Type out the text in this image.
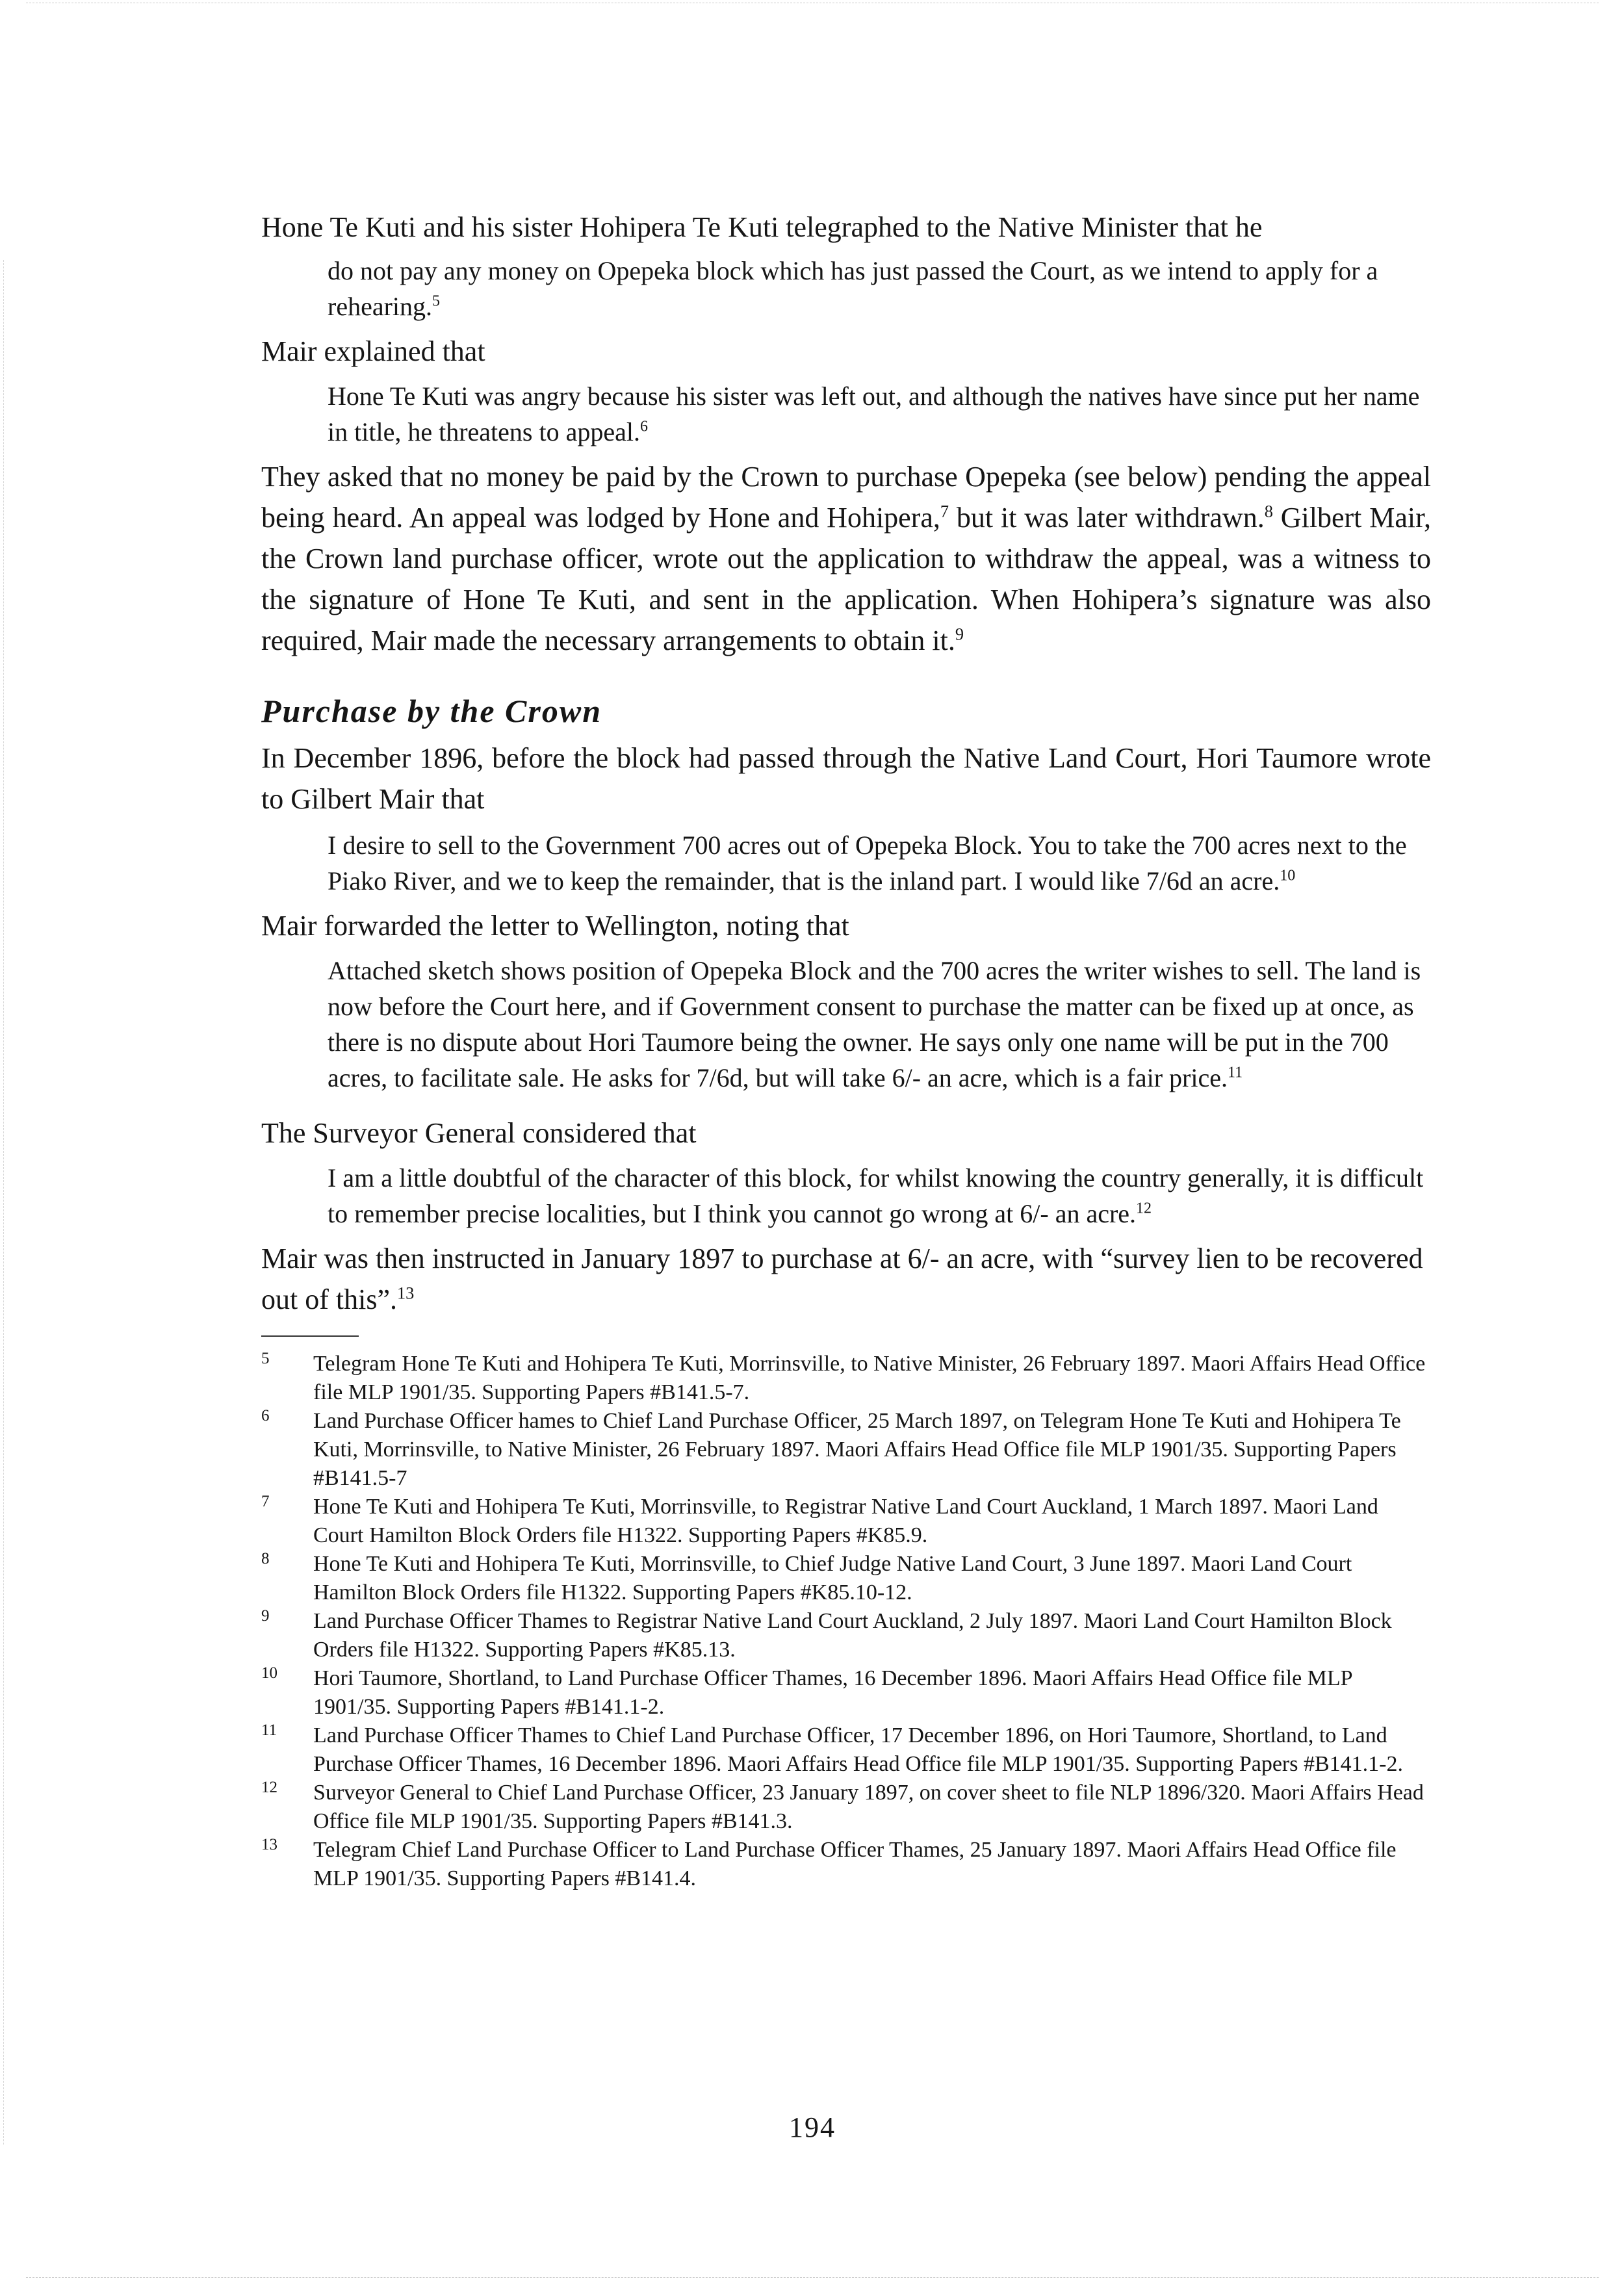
Hone Te Kuti and his sister Hohipera Te Kuti telegraphed to the Native Minister that he

do not pay any money on Opepeka block which has just passed the Court, as we intend to apply for a rehearing.$^5$

Mair explained that

Hone Te Kuti was angry because his sister was left out, and although the natives have since put her name in title, he threatens to appeal.$^6$

They asked that no money be paid by the Crown to purchase Opepeka (see below) pending the appeal being heard. An appeal was lodged by Hone and Hohipera,$^7$ but it was later withdrawn.$^8$ Gilbert Mair, the Crown land purchase officer, wrote out the application to withdraw the appeal, was a witness to the signature of Hone Te Kuti, and sent in the application. When Hohipera’s signature was also required, Mair made the necessary arrangements to obtain it.$^9$

Purchase by the Crown

In December 1896, before the block had passed through the Native Land Court, Hori Taumore wrote to Gilbert Mair that

I desire to sell to the Government 700 acres out of Opepeka Block. You to take the 700 acres next to the Piako River, and we to keep the remainder, that is the inland part. I would like 7/6d an acre.$^{10}$

Mair forwarded the letter to Wellington, noting that

Attached sketch shows position of Opepeka Block and the 700 acres the writer wishes to sell. The land is now before the Court here, and if Government consent to purchase the matter can be fixed up at once, as there is no dispute about Hori Taumore being the owner. He says only one name will be put in the 700 acres, to facilitate sale. He asks for 7/6d, but will take 6/- an acre, which is a fair price.$^{11}$

The Surveyor General considered that

I am a little doubtful of the character of this block, for whilst knowing the country generally, it is difficult to remember precise localities, but I think you cannot go wrong at 6/- an acre.$^{12}$

Mair was then instructed in January 1897 to purchase at 6/- an acre, with “survey lien to be recovered out of this”.$^{13}$

5 Telegram Hone Te Kuti and Hohipera Te Kuti, Morrinsville, to Native Minister, 26 February 1897. Maori Affairs Head Office file MLP 1901/35. Supporting Papers #B141.5-7.
6 Land Purchase Officer hames to Chief Land Purchase Officer, 25 March 1897, on Telegram Hone Te Kuti and Hohipera Te Kuti, Morrinsville, to Native Minister, 26 February 1897. Maori Affairs Head Office file MLP 1901/35. Supporting Papers #B141.5-7
7 Hone Te Kuti and Hohipera Te Kuti, Morrinsville, to Registrar Native Land Court Auckland, 1 March 1897. Maori Land Court Hamilton Block Orders file H1322. Supporting Papers #K85.9.
8 Hone Te Kuti and Hohipera Te Kuti, Morrinsville, to Chief Judge Native Land Court, 3 June 1897. Maori Land Court Hamilton Block Orders file H1322. Supporting Papers #K85.10-12.
9 Land Purchase Officer Thames to Registrar Native Land Court Auckland, 2 July 1897. Maori Land Court Hamilton Block Orders file H1322. Supporting Papers #K85.13.
10 Hori Taumore, Shortland, to Land Purchase Officer Thames, 16 December 1896. Maori Affairs Head Office file MLP 1901/35. Supporting Papers #B141.1-2.
11 Land Purchase Officer Thames to Chief Land Purchase Officer, 17 December 1896, on Hori Taumore, Shortland, to Land Purchase Officer Thames, 16 December 1896. Maori Affairs Head Office file MLP 1901/35. Supporting Papers #B141.1-2.
12 Surveyor General to Chief Land Purchase Officer, 23 January 1897, on cover sheet to file NLP 1896/320. Maori Affairs Head Office file MLP 1901/35. Supporting Papers #B141.3.
13 Telegram Chief Land Purchase Officer to Land Purchase Officer Thames, 25 January 1897. Maori Affairs Head Office file MLP 1901/35. Supporting Papers #B141.4.
194
